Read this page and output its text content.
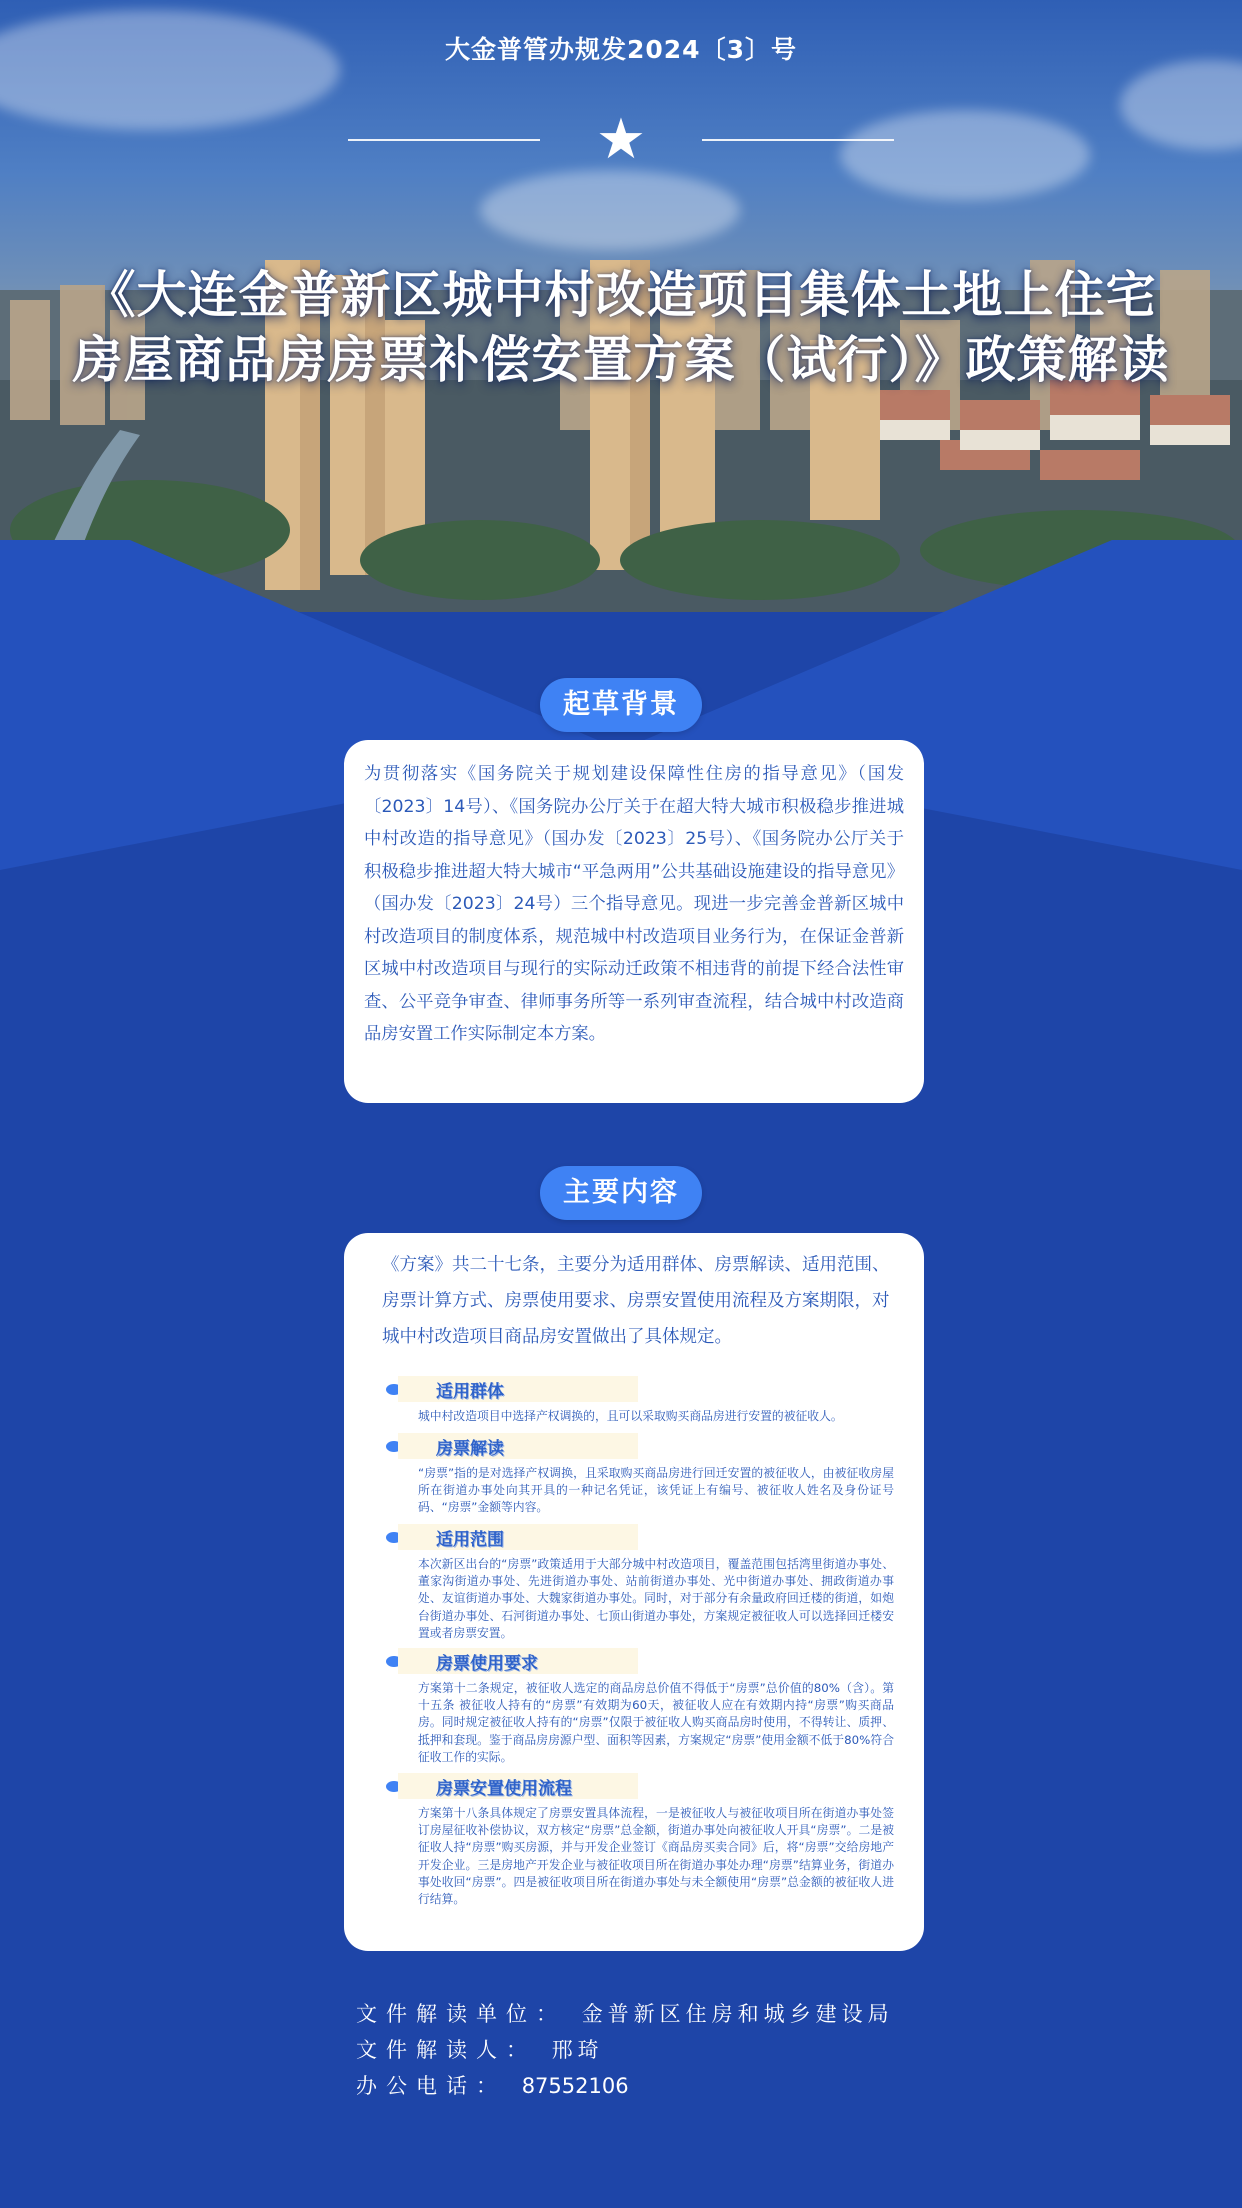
大金普管办规发2024〔3〕号
★
《大连金普新区城中村改造项目集体土地上住宅
房屋商品房房票补偿安置方案（试行）》政策解读
起草背景

为贯彻落实《国务院关于规划建设保障性住房的指导意见》（国发〔2023〕14号）、《国务院办公厅关于在超大特大城市积极稳步推进城中村改造的指导意见》（国办发〔2023〕25号）、《国务院办公厅关于积极稳步推进超大特大城市“平急两用”公共基础设施建设的指导意见》（国办发〔2023〕24号）三个指导意见。现进一步完善金普新区城中村改造项目的制度体系，规范城中村改造项目业务行为，在保证金普新区城中村改造项目与现行的实际动迁政策不相违背的前提下经合法性审查、公平竞争审查、律师事务所等一系列审查流程，结合城中村改造商品房安置工作实际制定本方案。

主要内容

《方案》共二十七条，主要分为适用群体、房票解读、适用范围、房票计算方式、房票使用要求、房票安置使用流程及方案期限，对城中村改造项目商品房安置做出了具体规定。

适用群体

城中村改造项目中选择产权调换的，且可以采取购买商品房进行安置的被征收人。

房票解读

“房票”指的是对选择产权调换，且采取购买商品房进行回迁安置的被征收人，由被征收房屋所在街道办事处向其开具的一种记名凭证，该凭证上有编号、被征收人姓名及身份证号码、“房票”金额等内容。

适用范围

本次新区出台的“房票”政策适用于大部分城中村改造项目，覆盖范围包括湾里街道办事处、董家沟街道办事处、先进街道办事处、站前街道办事处、光中街道办事处、拥政街道办事处、友谊街道办事处、大魏家街道办事处。同时，对于部分有余量政府回迁楼的街道，如炮台街道办事处、石河街道办事处、七顶山街道办事处，方案规定被征收人可以选择回迁楼安置或者房票安置。

房票使用要求

方案第十二条规定，被征收人选定的商品房总价值不得低于“房票”总价值的80%（含）。第十五条 被征收人持有的“房票”有效期为60天，被征收人应在有效期内持“房票”购买商品房。同时规定被征收人持有的“房票”仅限于被征收人购买商品房时使用，不得转让、质押、抵押和套现。鉴于商品房房源户型、面积等因素，方案规定“房票”使用金额不低于80%符合征收工作的实际。

房票安置使用流程

方案第十八条具体规定了房票安置具体流程，一是被征收人与被征收项目所在街道办事处签订房屋征收补偿协议，双方核定“房票”总金额，街道办事处向被征收人开具“房票”。二是被征收人持“房票”购买房源，并与开发企业签订《商品房买卖合同》后，将“房票”交给房地产开发企业。三是房地产开发企业与被征收项目所在街道办事处办理“房票”结算业务，街道办事处收回“房票”。四是被征收项目所在街道办事处与未全额使用“房票”总金额的被征收人进行结算。

文件解读单位： 金普新区住房和城乡建设局
文件解读人： 邢琦
办公电话： 87552106
